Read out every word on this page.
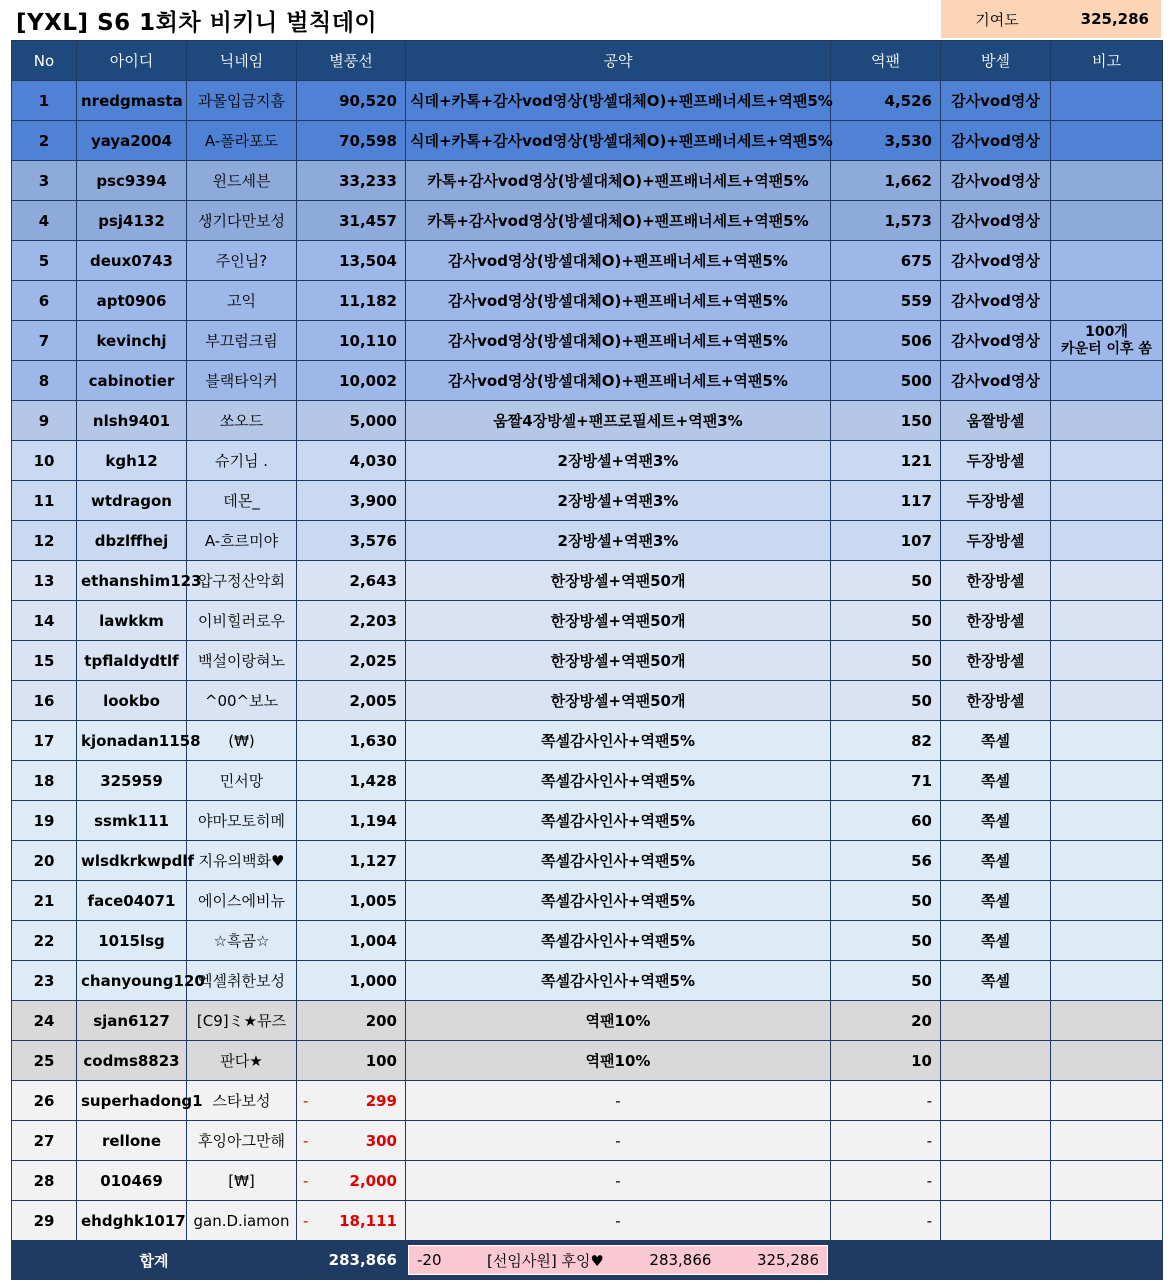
[YXL] S6 1회차 비키니 벌칙데이	기여도	325,286
No	아이디	닉네임	별풍선	공약	역팬	방셀	비고
1	nredgmasta	과몰입금지흠	90,520	식데+카톡+감사vod영상(방셀대체O)+팬프배너세트+역팬5%	4,526	감사vod영상	
2	yaya2004	A-폴라포도	70,598	식데+카톡+감사vod영상(방셀대체O)+팬프배너세트+역팬5%	3,530	감사vod영상	
3	psc9394	윈드세븐	33,233	카톡+감사vod영상(방셀대체O)+팬프배너세트+역팬5%	1,662	감사vod영상	
4	psj4132	생기다만보성	31,457	카톡+감사vod영상(방셀대체O)+팬프배너세트+역팬5%	1,573	감사vod영상	
5	deux0743	주인님?	13,504	감사vod영상(방셀대체O)+팬프배너세트+역팬5%	675	감사vod영상	
6	apt0906	고익	11,182	감사vod영상(방셀대체O)+팬프배너세트+역팬5%	559	감사vod영상	
7	kevinchj	부끄럼크림	10,110	감사vod영상(방셀대체O)+팬프배너세트+역팬5%	506	감사vod영상	100개
카운터 이후 쏨
8	cabinotier	블랙타익커	10,002	감사vod영상(방셀대체O)+팬프배너세트+역팬5%	500	감사vod영상	
9	nlsh9401	쏘오드	5,000	움짤4장방셀+팬프로필세트+역팬3%	150	움짤방셀	
10	kgh12	슈기님 .	4,030	2장방셀+역팬3%	121	두장방셀	
11	wtdragon	데몬_	3,900	2장방셀+역팬3%	117	두장방셀	
12	dbzlffhej	A-흐르미야	3,576	2장방셀+역팬3%	107	두장방셀	
13	ethanshim123	압구정산악회	2,643	한장방셀+역팬50개	50	한장방셀	
14	lawkkm	이비힐러로우	2,203	한장방셀+역팬50개	50	한장방셀	
15	tpflaldydtlf	백설이랑혀노	2,025	한장방셀+역팬50개	50	한장방셀	
16	lookbo	^00^보노	2,005	한장방셀+역팬50개	50	한장방셀	
17	kjonadan1158	(₩)	1,630	쪽셀감사인사+역팬5%	82	쪽셀	
18	325959	민서망	1,428	쪽셀감사인사+역팬5%	71	쪽셀	
19	ssmk111	야마모토히메	1,194	쪽셀감사인사+역팬5%	60	쪽셀	
20	wlsdkrkwpdlf	지유의백화♥	1,127	쪽셀감사인사+역팬5%	56	쪽셀	
21	face04071	에이스에비뉴	1,005	쪽셀감사인사+역팬5%	50	쪽셀	
22	1015lsg	☆흑곰☆	1,004	쪽셀감사인사+역팬5%	50	쪽셀	
23	chanyoung120	엑셀취한보성	1,000	쪽셀감사인사+역팬5%	50	쪽셀	
24	sjan6127	[C9]ミ★뮤즈	200	역팬10%	20		
25	codms8823	판다★	100	역팬10%	10		
26	superhadong1	스타보성	- 299	-	-		
27	rellone	후잉아그만해	- 300	-	-		
28	010469	[₩]	- 2,000	-	-		
29	ehdghk1017	gan.D.iamon	- 18,111	-	-		
합계			283,866	-20 [선임사원] 후잉♥ 283,866 325,286			
